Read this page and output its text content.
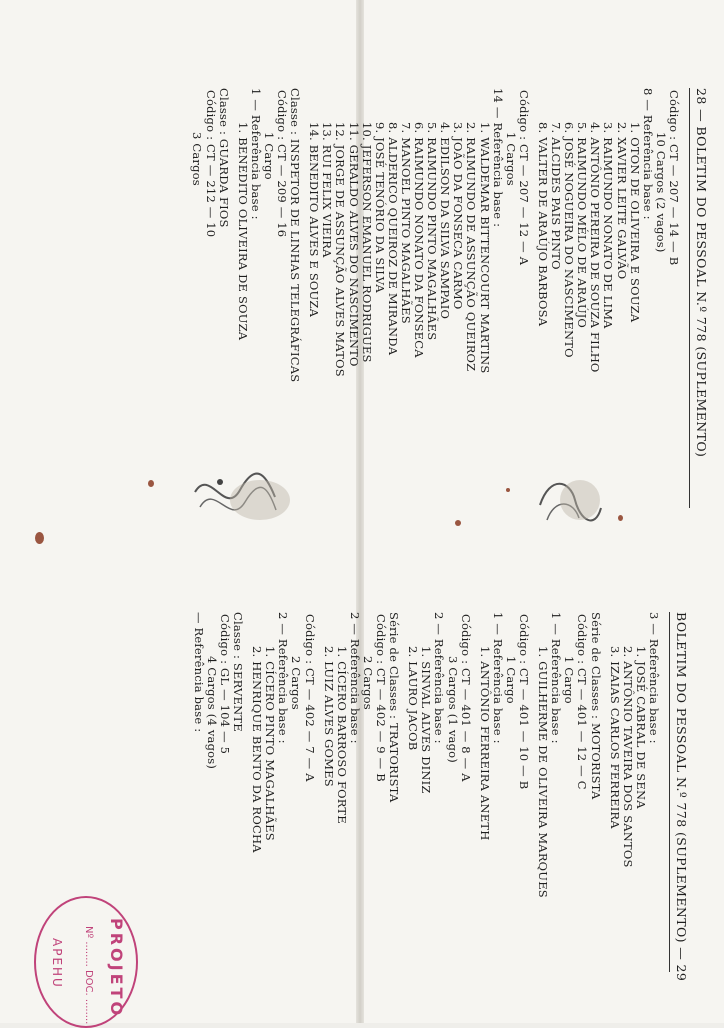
28 — BOLETIM DO PESSOAL N.º 778 (SUPLEMENTO)
Código : CT — 207 — 14 — B
10 Cargos (2 vagos)
8 — Referência base :
1. OTON DE OLIVEIRA E SOUZA
2. XAVIER LEITE GALVÃO
3. RAIMUNDO NONATO DE LIMA
4. ANTÔNIO PEREIRA DE SOUZA FILHO
5. RAIMUNDO MÉLO DE ARAÚJO
6. JOSÉ NOGUEIRA DO NASCIMENTO
7. ALCIDES PAIS PINTO
8. VALTER DE ARAÚJO BARBOSA
Código : CT — 207 — 12 — A
1 Cargos
14 — Referência base :
1. WALDEMAR BITTENCOURT MARTINS
2. RAIMUNDO DE ASSUNÇÃO QUEIROZ
3. JOÃO DA FONSECA CARMO
4. EDILSON DA SILVA SAMPAIO
5. RAIMUNDO PINTO MAGALHÃES
6. RAIMUNDO NONATO DA FONSECA
7. MANOEL PINTO MAGALHÃES
8. ALDERICO QUEIROZ DE MIRANDA
9. JOSÉ TENÓRIO DA SILVA
10. JEFERSON EMANUEL RODRIGUES
11. GERALDO ALVES DO NASCIMENTO
12. JORGE DE ASSUNÇÃO ALVES MATOS
13. RUI FELIX VIEIRA
14. BENEDITO ALVES E SOUZA
Classe : INSPETOR DE LINHAS TELEGRÁFICAS
Código : CT — 209 — 16
1 Cargo
1 — Referência base :
1. BENEDITO OLIVEIRA DE SOUZA
Classe : GUARDA FIOS
Código : CT — 212 — 10
3 Cargos
BOLETIM DO PESSOAL N.º 778 (SUPLEMENTO) — 29
3 — Referência base :
1. JOSÉ CABRAL DE SENA
2. ANTÔNIO TAVEIRA DOS SANTOS
3. IZAIAS CARLOS FERREIRA
Série de Classes : MOTORISTA
Código : CT — 401 — 12 — C
1 Cargo
1 — Referência base :
1. GUILHERME DE OLIVEIRA MARQUES
Código : CT — 401 — 10 — B
1 Cargo
1 — Referência base :
1. ANTÔNIO FERREIRA ANETH
Código : CT — 401 — 8 — A
3 Cargos (1 vago)
2 — Referência base :
1. SINVAL ALVES DINIZ
2. LAURO JACOB
Série de Classes : TRATORISTA
Código : CT — 402 — 9 — B
2 Cargos
2 — Referência base :
1. CÍCERO BARROSO FORTE
2. LUIZ ALVES GOMES
Código : CT — 402 — 7 — A
2 Cargos
2 — Referência base :
1. CÍCERO PINTO MAGALHÃES
2. HENRIQUE BENTO DA ROCHA
Classe : SERVENTE
Código : GL — 104 — 5
4 Cargos (4 vagos)
— Referência base :
PROJETO
Nº ........ DOC. ........
APEHU
